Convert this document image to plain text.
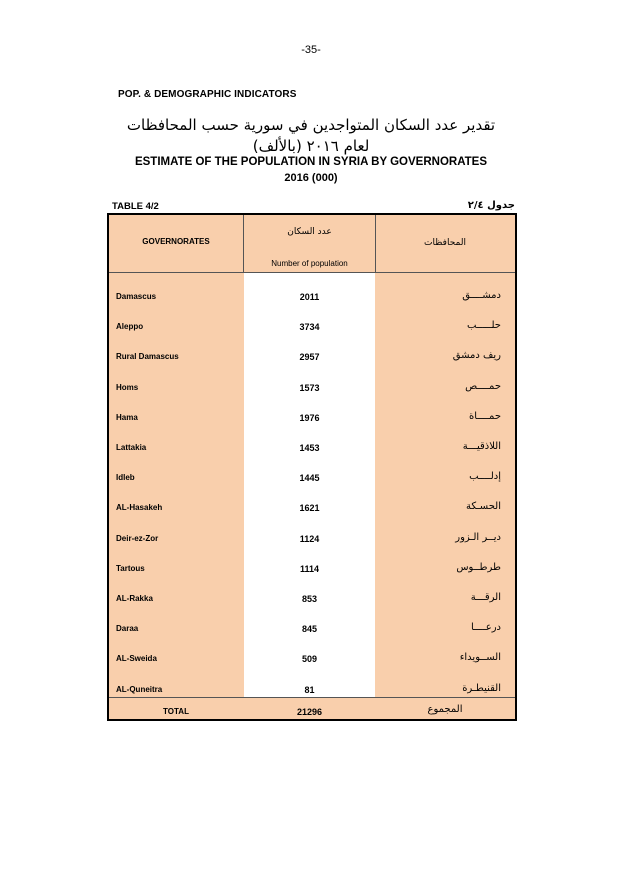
-35-
POP. & DEMOGRAPHIC INDICATORS
تقدير عدد السكان المتواجدين في سورية حسب المحافظات
لعام ٢٠١٦ (بالألف)
ESTIMATE OF THE POPULATION IN SYRIA BY GOVERNORATES
2016 (000)
TABLE 4/2	جدول ٢/٤
GOVERNORATES
عدد السكان
Number of population
المحافظات
Damascus	2011	دمشــــق
Aleppo	3734	حلـــــب
Rural Damascus	2957	ريف دمشق
Homs	1573	حمــــص
Hama	1976	حمــــاة
Lattakia	1453	اللاذقيـــة
Idleb	1445	إدلــــب
AL-Hasakeh	1621	الحسـكة
Deir-ez-Zor	1124	ديــر الـزور
Tartous	1114	طرطــوس
AL-Rakka	853	الرقـــة
Daraa	845	درعــــا
AL-Sweida	509	الســويداء
AL-Quneitra	81	القنيطـرة
TOTAL	21296	المجموع
